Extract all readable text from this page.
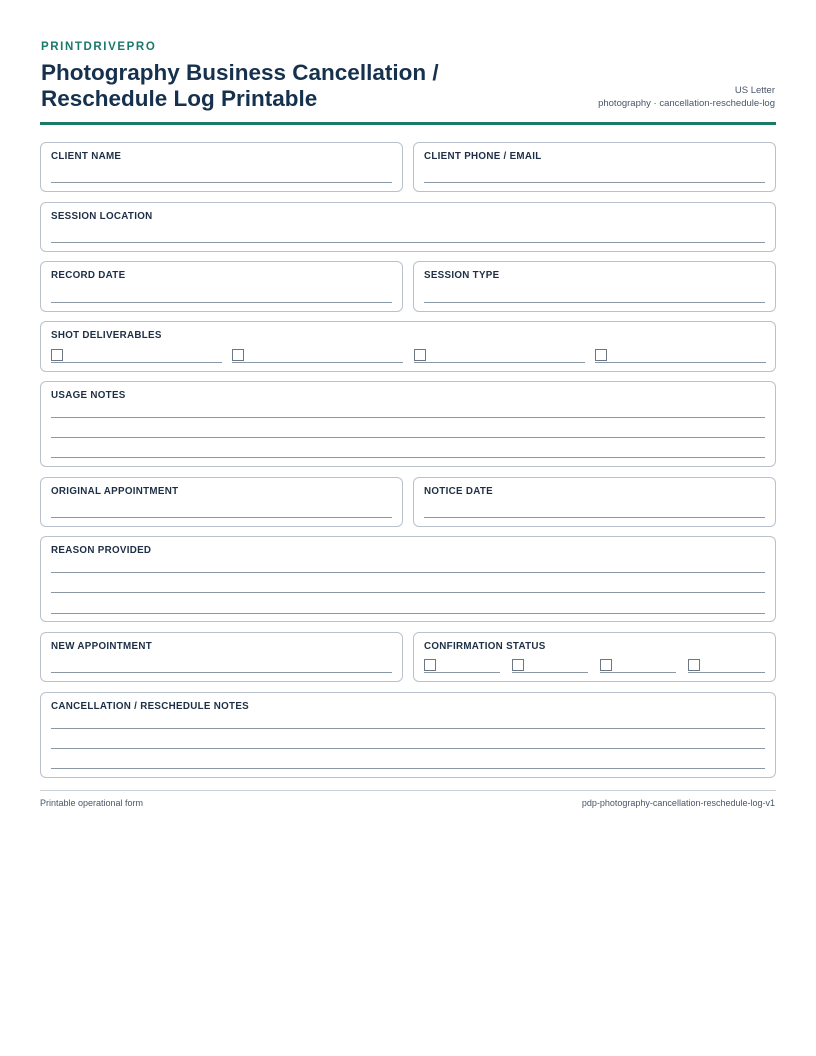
PRINTDRIVEPRO
Photography Business Cancellation / Reschedule Log Printable	US Letter
photography · cancellation-reschedule-log
CLIENT NAME	CLIENT PHONE / EMAIL
SESSION LOCATION
RECORD DATE	SESSION TYPE
SHOT DELIVERABLES
USAGE NOTES
ORIGINAL APPOINTMENT	NOTICE DATE
REASON PROVIDED
NEW APPOINTMENT	CONFIRMATION STATUS
CANCELLATION / RESCHEDULE NOTES
Printable operational form	pdp-photography-cancellation-reschedule-log-v1
